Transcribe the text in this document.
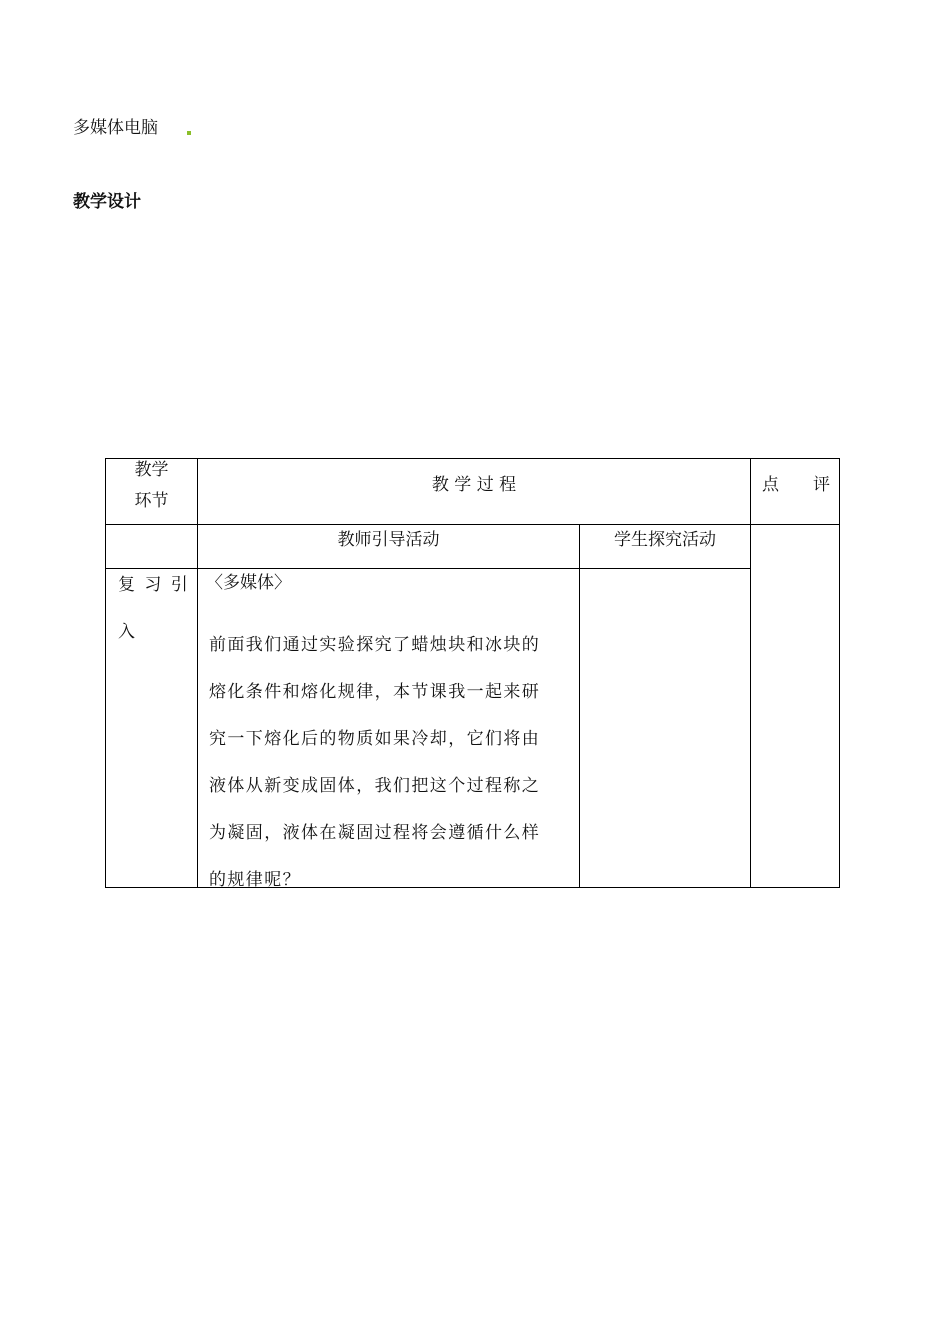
多媒体电脑
教学设计
教学
环节
教 学 过 程	点　　评
教师引导活动	学生探究活动
复 习 引
入
〈多媒体〉
前面我们通过实验探究了蜡烛块和冰块的
熔化条件和熔化规律，本节课我一起来研
究一下熔化后的物质如果冷却，它们将由
液体从新变成固体，我们把这个过程称之
为凝固，液体在凝固过程将会遵循什么样
的规律呢？
